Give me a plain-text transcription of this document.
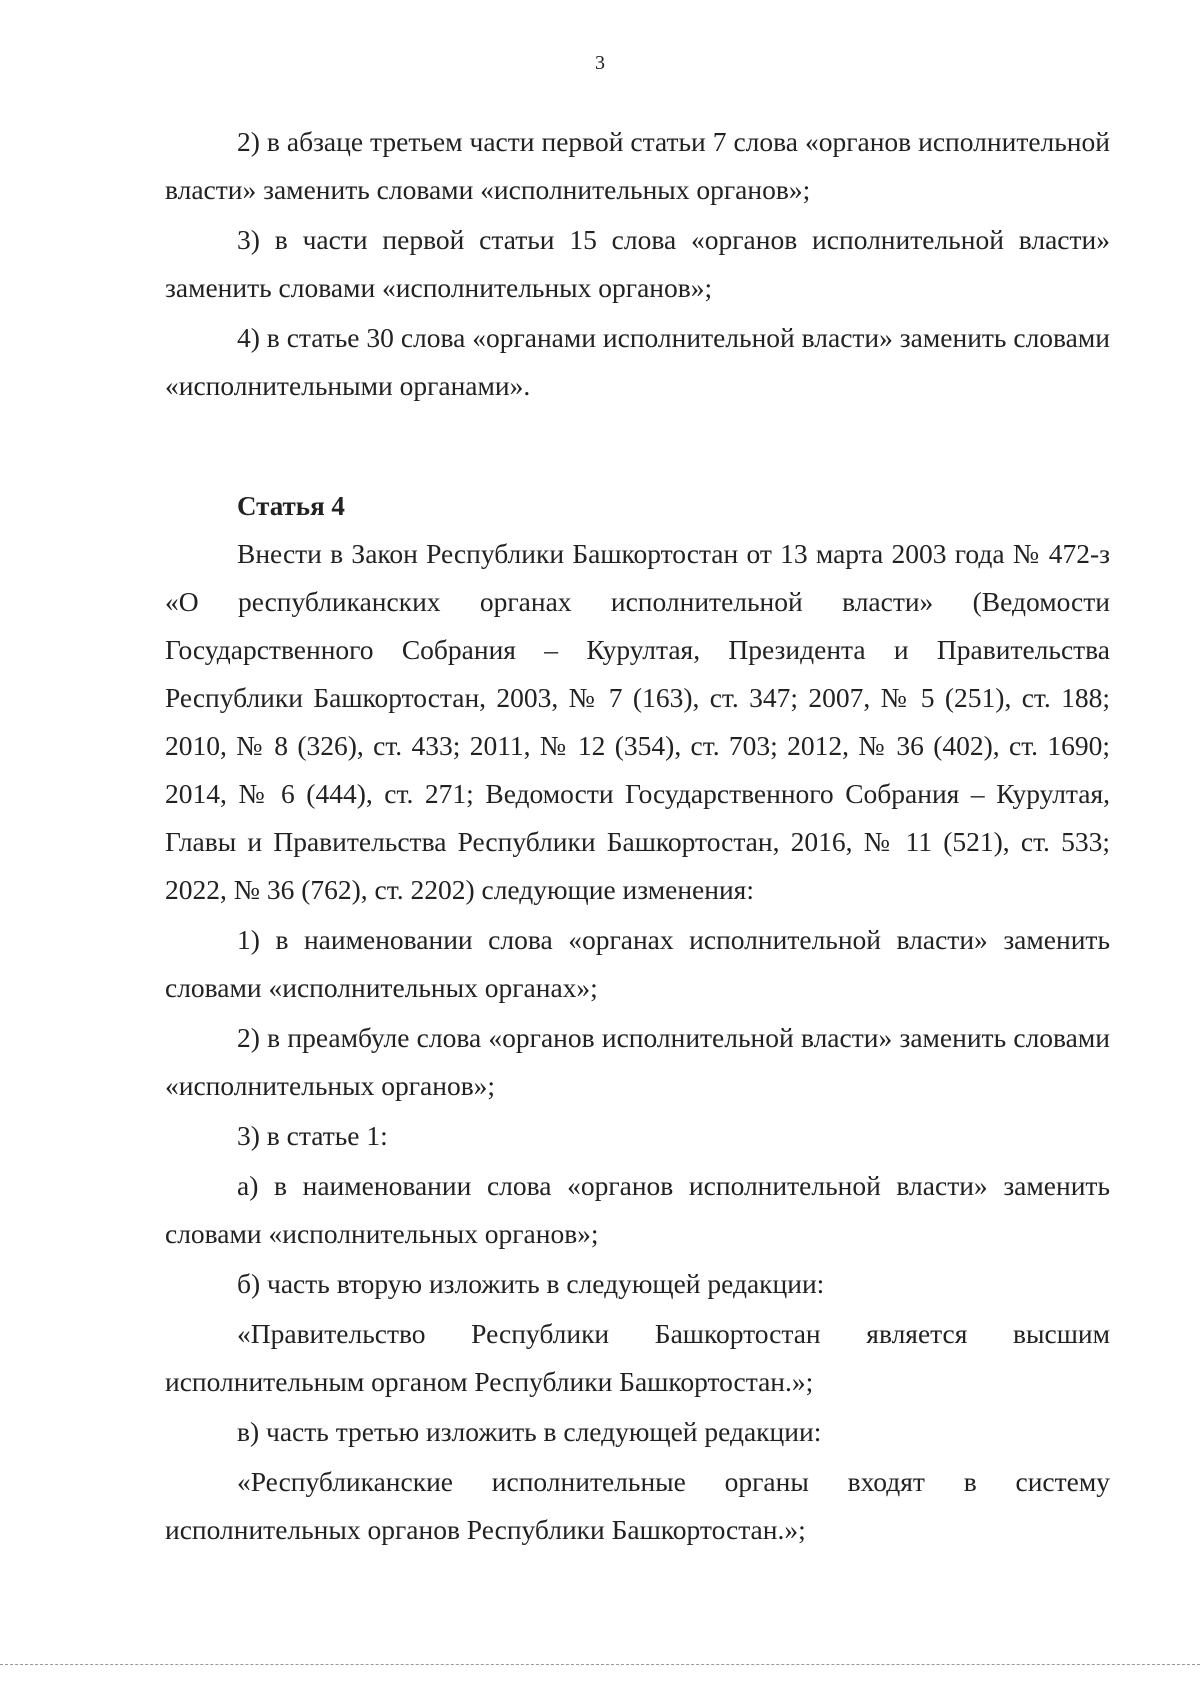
3

2) в абзаце третьем части первой статьи 7 слова «органов исполнительной власти» заменить словами «исполнительных органов»;

3) в части первой статьи 15 слова «органов исполнительной власти» заменить словами «исполнительных органов»;

4) в статье 30 слова «органами исполнительной власти» заменить словами «исполнительными органами».

Статья 4

Внести в Закон Республики Башкортостан от 13 марта 2003 года № 472-з «О республиканских органах исполнительной власти» (Ведомости Государственного Собрания – Курултая, Президента и Правительства Республики Башкортостан, 2003, № 7 (163), ст. 347; 2007, № 5 (251), ст. 188; 2010, № 8 (326), ст. 433; 2011, № 12 (354), ст. 703; 2012, № 36 (402), ст. 1690; 2014, № 6 (444), ст. 271; Ведомости Государственного Собрания – Курултая, Главы и Правительства Республики Башкортостан, 2016, № 11 (521), ст. 533; 2022, № 36 (762), ст. 2202) следующие изменения:

1) в наименовании слова «органах исполнительной власти» заменить словами «исполнительных органах»;

2) в преамбуле слова «органов исполнительной власти» заменить словами «исполнительных органов»;

3) в статье 1:

а) в наименовании слова «органов исполнительной власти» заменить словами «исполнительных органов»;

б) часть вторую изложить в следующей редакции:

«Правительство Республики Башкортостан является высшим исполнительным органом Республики Башкортостан.»;

в) часть третью изложить в следующей редакции:

«Республиканские исполнительные органы входят в систему исполнительных органов Республики Башкортостан.»;
